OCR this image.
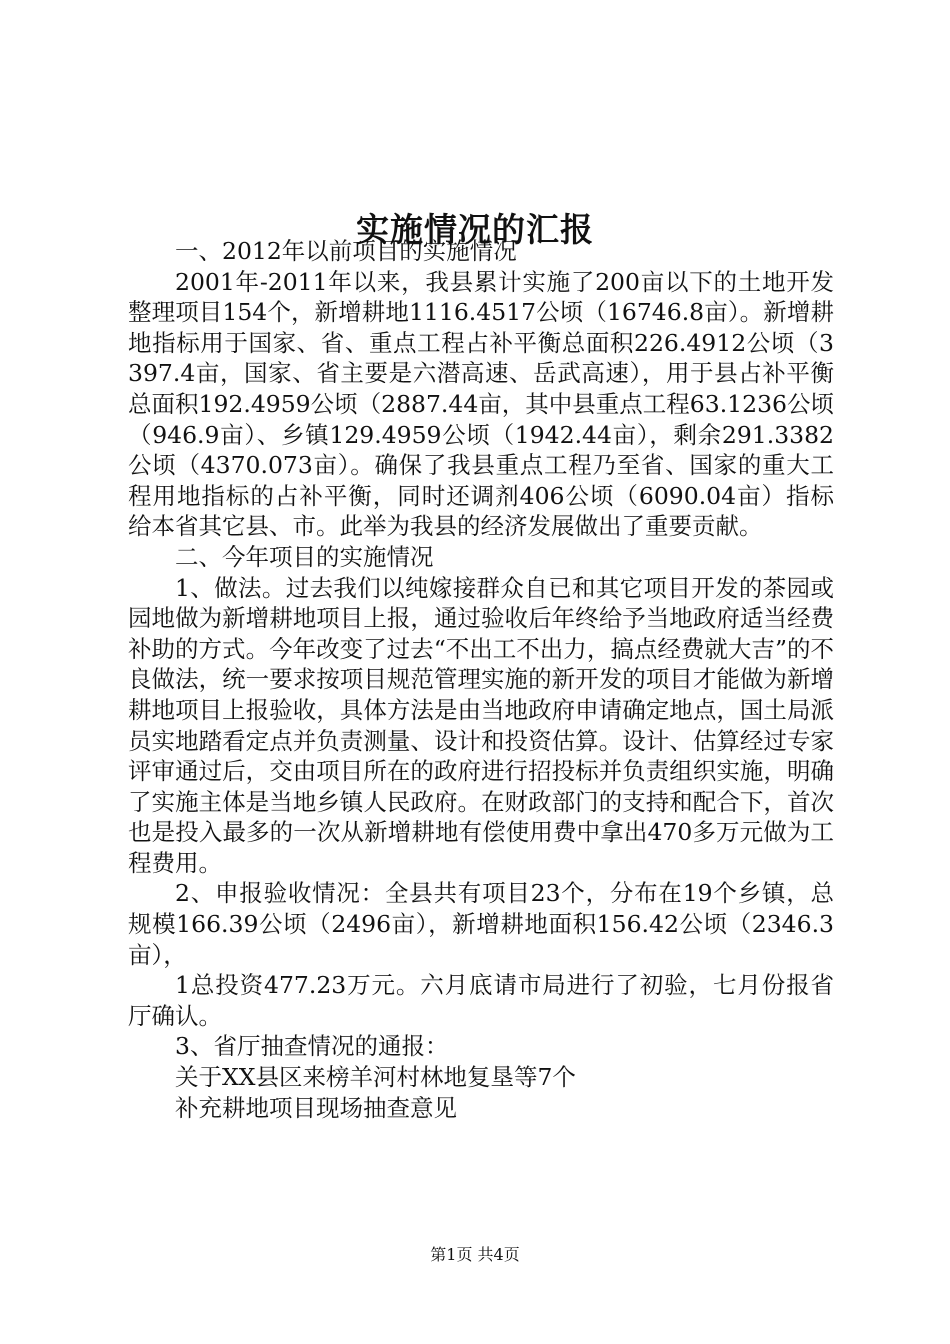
实施情况的汇报

一、2012年以前项目的实施情况

2001年-2011年以来，我县累计实施了200亩以下的土地开发整理项目154个，新增耕地1116.4517公顷（16746.8亩）。新增耕地指标用于国家、省、重点工程占补平衡总面积226.4912公顷（3397.4亩，国家、省主要是六潜高速、岳武高速），用于县占补平衡总面积192.4959公顷（2887.44亩，其中县重点工程63.1236公顷（946.9亩）、乡镇129.4959公顷（1942.44亩），剩余291.3382公顷（4370.073亩）。确保了我县重点工程乃至省、国家的重大工程用地指标的占补平衡，同时还调剂406公顷（6090.04亩）指标给本省其它县、市。此举为我县的经济发展做出了重要贡献。

二、今年项目的实施情况

1、做法。过去我们以纯嫁接群众自已和其它项目开发的茶园或园地做为新增耕地项目上报，通过验收后年终给予当地政府适当经费补助的方式。今年改变了过去“不出工不出力，搞点经费就大吉”的不良做法，统一要求按项目规范管理实施的新开发的项目才能做为新增耕地项目上报验收，具体方法是由当地政府申请确定地点，国土局派员实地踏看定点并负责测量、设计和投资估算。设计、估算经过专家评审通过后，交由项目所在的政府进行招投标并负责组织实施，明确了实施主体是当地乡镇人民政府。在财政部门的支持和配合下，首次也是投入最多的一次从新增耕地有偿使用费中拿出470多万元做为工程费用。

2、申报验收情况：全县共有项目23个，分布在19个乡镇，总规模166.39公顷（2496亩），新增耕地面积156.42公顷（2346.3亩），

1总投资477.23万元。六月底请市局进行了初验，七月份报省厅确认。

3、省厅抽查情况的通报：

关于XX县区来榜羊河村林地复垦等7个

补充耕地项目现场抽查意见

第1页 共4页
